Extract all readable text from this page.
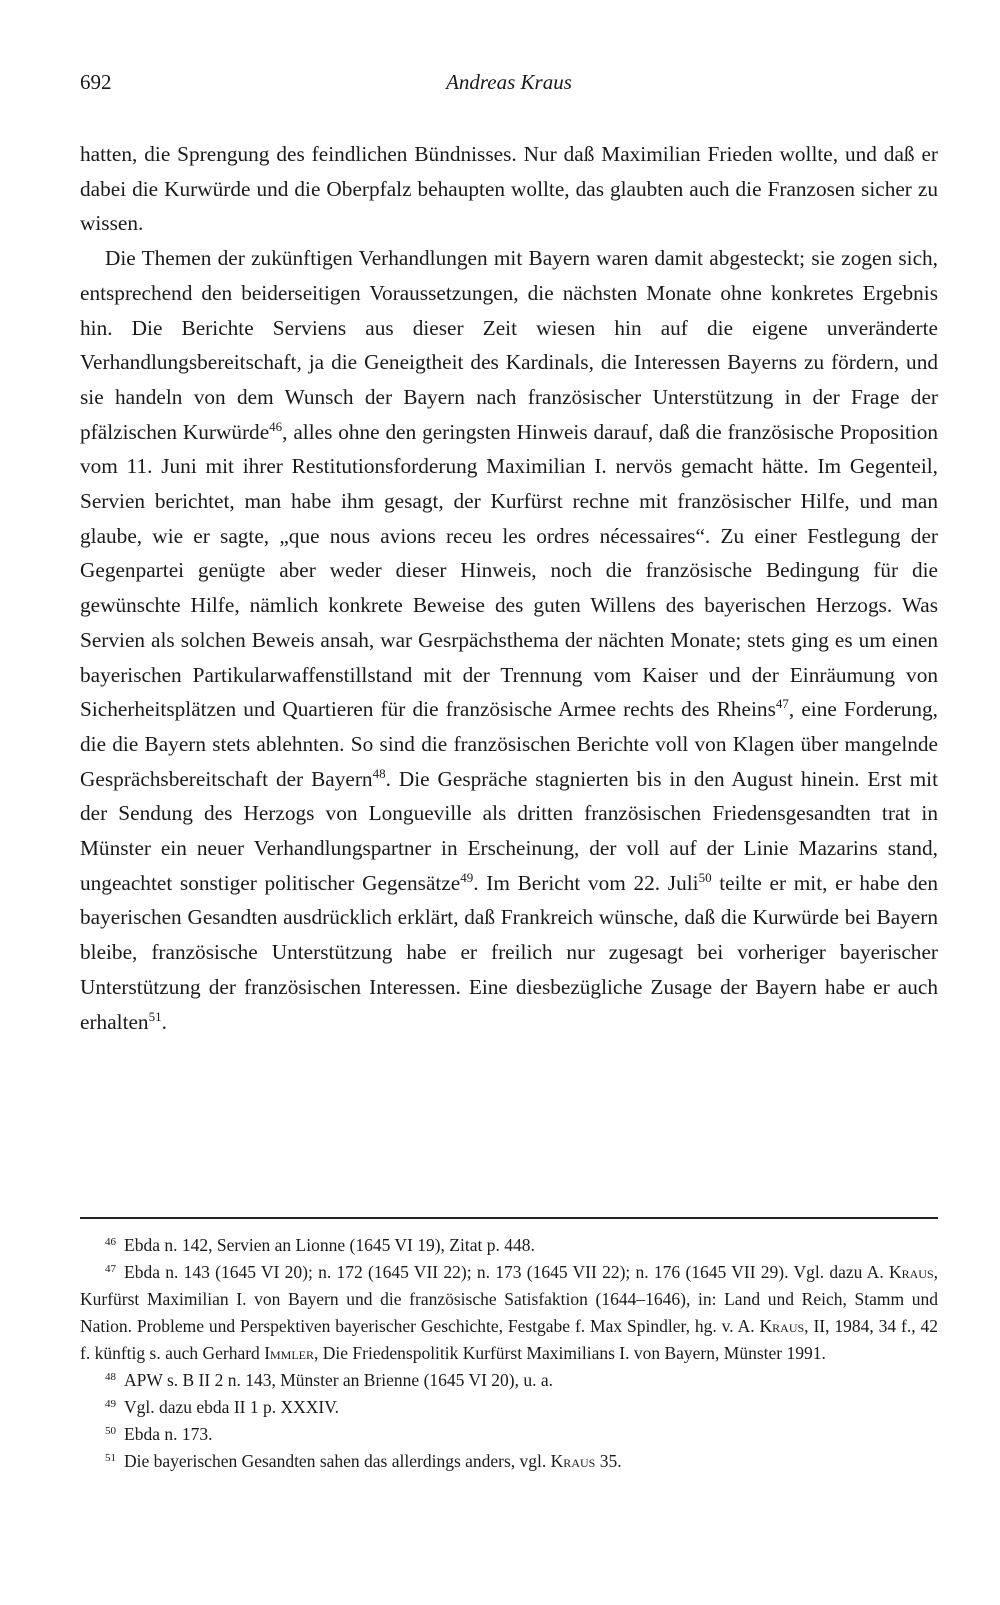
692	Andreas Kraus

hatten, die Sprengung des feindlichen Bündnisses. Nur daß Maximilian Frieden wollte, und daß er dabei die Kurwürde und die Oberpfalz behaupten wollte, das glaubten auch die Franzosen sicher zu wissen.

Die Themen der zukünftigen Verhandlungen mit Bayern waren damit abgesteckt; sie zogen sich, entsprechend den beiderseitigen Voraussetzungen, die nächsten Monate ohne konkretes Ergebnis hin. Die Berichte Serviens aus dieser Zeit wiesen hin auf die eigene unveränderte Verhandlungsbereitschaft, ja die Geneigtheit des Kardinals, die Interessen Bayerns zu fördern, und sie handeln von dem Wunsch der Bayern nach französischer Unterstützung in der Frage der pfälzischen Kurwürde$^{46}$, alles ohne den geringsten Hinweis darauf, daß die französische Proposition vom 11. Juni mit ihrer Restitutionsforderung Maximilian I. nervös gemacht hätte. Im Gegenteil, Servien berichtet, man habe ihm gesagt, der Kurfürst rechne mit französischer Hilfe, und man glaube, wie er sagte, „que nous avions receu les ordres nécessaires“. Zu einer Festlegung der Gegenpartei genügte aber weder dieser Hinweis, noch die französische Bedingung für die gewünschte Hilfe, nämlich konkrete Beweise des guten Willens des bayerischen Herzogs. Was Servien als solchen Beweis ansah, war Gesrpächsthema der nächten Monate; stets ging es um einen bayerischen Partikularwaffenstillstand mit der Trennung vom Kaiser und der Einräumung von Sicherheitsplätzen und Quartieren für die französische Armee rechts des Rheins$^{47}$, eine Forderung, die die Bayern stets ablehnten. So sind die französischen Berichte voll von Klagen über mangelnde Gesprächsbereitschaft der Bayern$^{48}$. Die Gespräche stagnierten bis in den August hinein. Erst mit der Sendung des Herzogs von Longueville als dritten französischen Friedensgesandten trat in Münster ein neuer Verhandlungspartner in Erscheinung, der voll auf der Linie Mazarins stand, ungeachtet sonstiger politischer Gegensätze$^{49}$. Im Bericht vom 22. Juli$^{50}$ teilte er mit, er habe den bayerischen Gesandten ausdrücklich erklärt, daß Frankreich wünsche, daß die Kurwürde bei Bayern bleibe, französische Unterstützung habe er freilich nur zugesagt bei vorheriger bayerischer Unterstützung der französischen Interessen. Eine diesbezügliche Zusage der Bayern habe er auch erhalten$^{51}$.

$^{46}$ Ebda n. 142, Servien an Lionne (1645 VI 19), Zitat p. 448.

$^{47}$ Ebda n. 143 (1645 VI 20); n. 172 (1645 VII 22); n. 173 (1645 VII 22); n. 176 (1645 VII 29). Vgl. dazu A. Kraus, Kurfürst Maximilian I. von Bayern und die französische Satisfaktion (1644–1646), in: Land und Reich, Stamm und Nation. Probleme und Perspektiven bayerischer Geschichte, Festgabe f. Max Spindler, hg. v. A. Kraus, II, 1984, 34 f., 42 f. künftig s. auch Gerhard Immler, Die Friedenspolitik Kurfürst Maximilians I. von Bayern, Münster 1991.

$^{48}$ APW s. B II 2 n. 143, Münster an Brienne (1645 VI 20), u. a.

$^{49}$ Vgl. dazu ebda II 1 p. XXXIV.

$^{50}$ Ebda n. 173.

$^{51}$ Die bayerischen Gesandten sahen das allerdings anders, vgl. Kraus 35.
